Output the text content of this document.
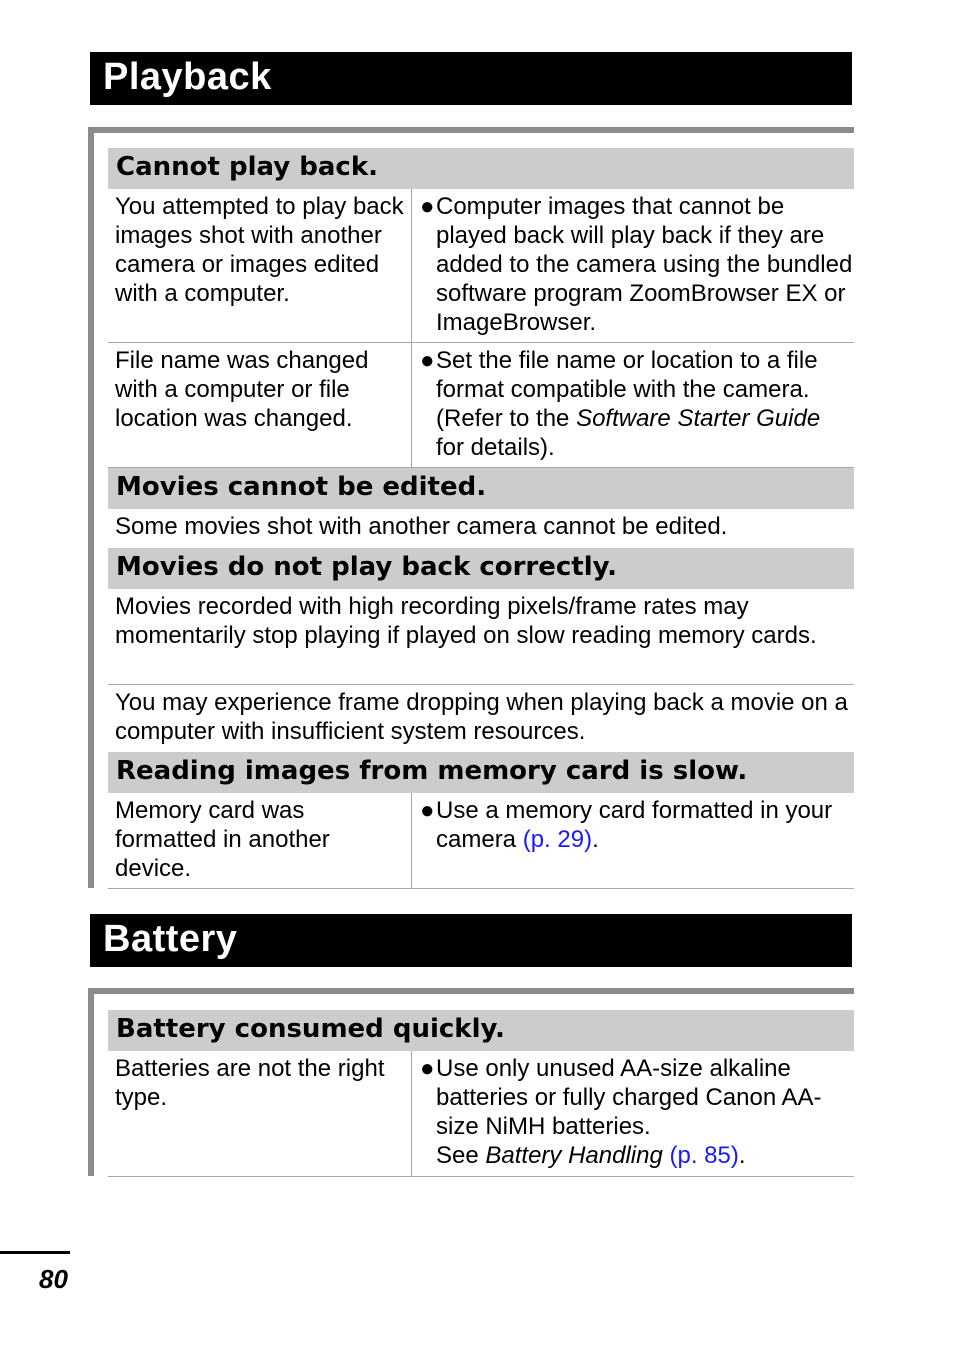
Playback
Cannot play back.
You attempted to play back images shot with another camera or images edited with a computer.
● Computer images that cannot be played back will play back if they are added to the camera using the bundled software program ZoomBrowser EX or ImageBrowser.
File name was changed with a computer or file location was changed.
● Set the file name or location to a file format compatible with the camera. (Refer to the Software Starter Guide for details).
Movies cannot be edited.
Some movies shot with another camera cannot be edited.
Movies do not play back correctly.
Movies recorded with high recording pixels/frame rates may momentarily stop playing if played on slow reading memory cards.
You may experience frame dropping when playing back a movie on a computer with insufficient system resources.
Reading images from memory card is slow.
Memory card was formatted in another device.
● Use a memory card formatted in your camera (p. 29).
Battery
Battery consumed quickly.
Batteries are not the right type.
● Use only unused AA-size alkaline batteries or fully charged Canon AA-size NiMH batteries.
See Battery Handling (p. 85).
80
